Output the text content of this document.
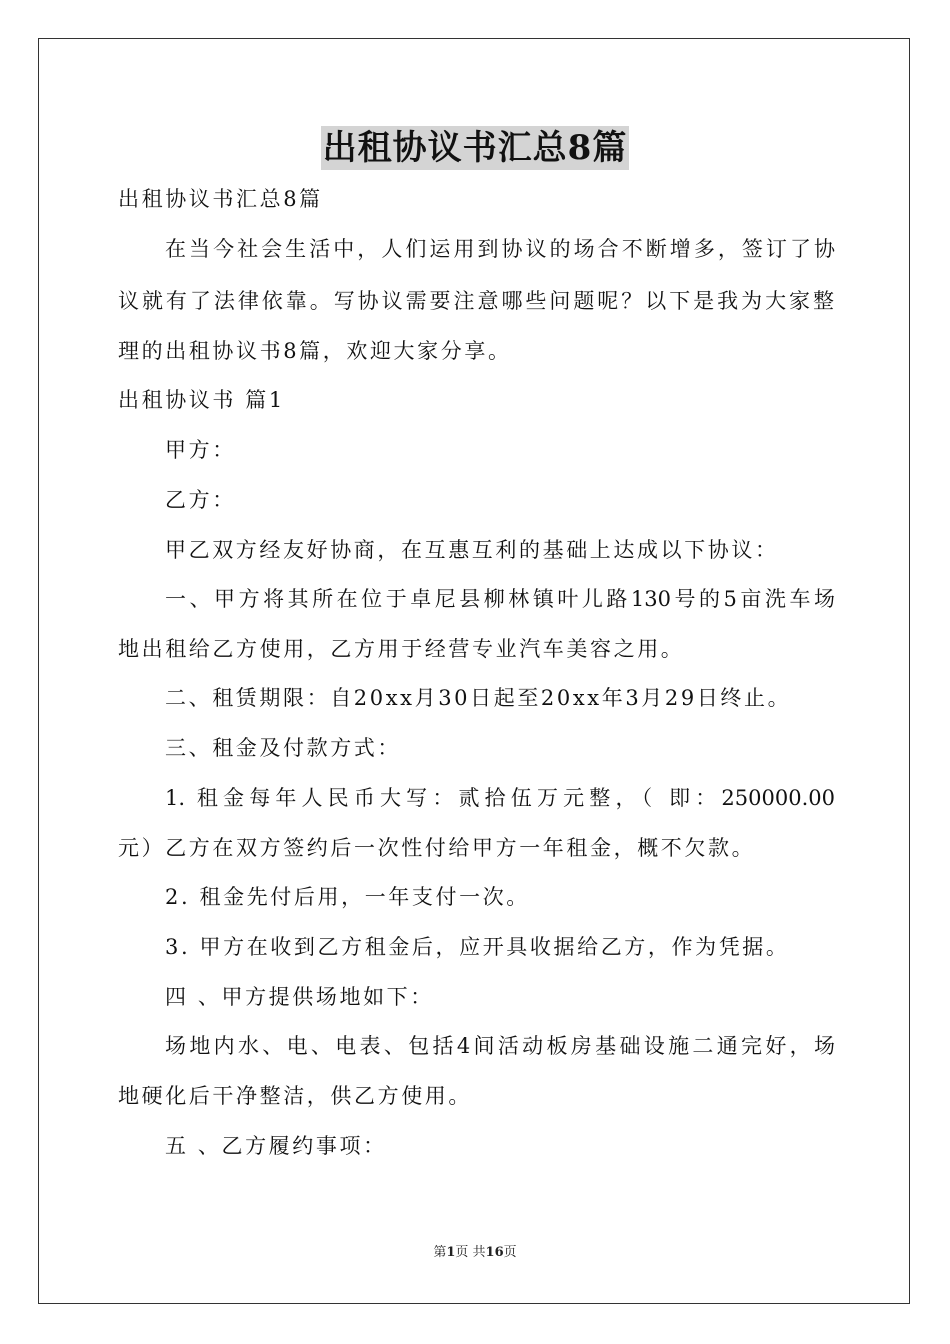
出租协议书汇总8篇
出租协议书汇总8篇
在当今社会生活中，人们运用到协议的场合不断增多，签订了协
议就有了法律依靠。写协议需要注意哪些问题呢？以下是我为大家整
理的出租协议书8篇，欢迎大家分享。
出租协议书 篇1
甲方：
乙方：
甲乙双方经友好协商，在互惠互利的基础上达成以下协议：
一、甲方将其所在位于卓尼县柳林镇叶儿路130号的5亩洗车场
地出租给乙方使用，乙方用于经营专业汽车美容之用。
二、租赁期限：自20xx月30日起至20xx年3月29日终止。
三、租金及付款方式：
1. 租金每年人民币大写：贰拾伍万元整，（ 即：250000.00
元）乙方在双方签约后一次性付给甲方一年租金，概不欠款。
2. 租金先付后用，一年支付一次。
3. 甲方在收到乙方租金后，应开具收据给乙方，作为凭据。
四 、甲方提供场地如下：
场地内水、电、电表、包括4间活动板房基础设施二通完好，场
地硬化后干净整洁，供乙方使用。
五 、乙方履约事项：
第1页 共16页
